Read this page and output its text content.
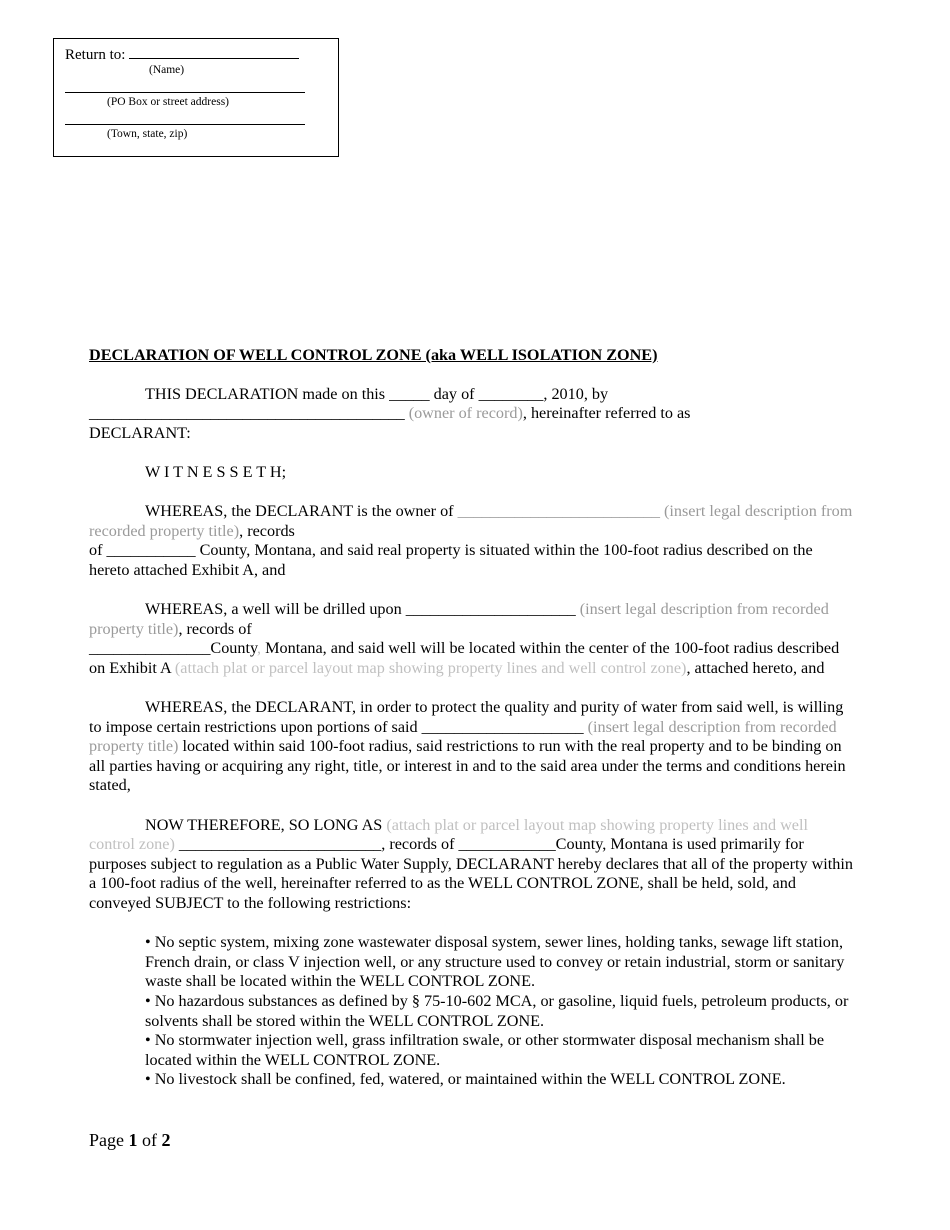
Return to:
(Name)
(PO Box or street address)
(Town, state, zip)
DECLARATION OF WELL CONTROL ZONE (aka WELL ISOLATION ZONE)

THIS DECLARATION made on this _____ day of ________, 2010, by
_______________________________________ (owner of record), hereinafter referred to as
DECLARANT:

W I T N E S S E T H;

WHEREAS, the DECLARANT is the owner of _________________________ (insert legal description from recorded property title), records
of ___________ County, Montana, and said real property is situated within the 100-foot radius described on the hereto attached Exhibit A, and

WHEREAS, a well will be drilled upon _____________________ (insert legal description from recorded property title), records of
_______________County, Montana, and said well will be located within the center of the 100-foot radius described on Exhibit A (attach plat or parcel layout map showing property lines and well control zone), attached hereto, and

WHEREAS, the DECLARANT, in order to protect the quality and purity of water from said well, is willing to impose certain restrictions upon portions of said ____________________ (insert legal description from recorded property title) located within said 100-foot radius, said restrictions to run with the real property and to be binding on all parties having or acquiring any right, title, or interest in and to the said area under the terms and conditions herein stated,

NOW THEREFORE, SO LONG AS (attach plat or parcel layout map showing property lines and well control zone) _________________________, records of ____________County, Montana is used primarily for purposes subject to regulation as a Public Water Supply, DECLARANT hereby declares that all of the property within a 100-foot radius of the well, hereinafter referred to as the WELL CONTROL ZONE, shall be held, sold, and conveyed SUBJECT to the following restrictions:

• No septic system, mixing zone wastewater disposal system, sewer lines, holding tanks, sewage lift station, French drain, or class V injection well, or any structure used to convey or retain industrial, storm or sanitary waste shall be located within the WELL CONTROL ZONE.
• No hazardous substances as defined by § 75-10-602 MCA, or gasoline, liquid fuels, petroleum products, or solvents shall be stored within the WELL CONTROL ZONE.
• No stormwater injection well, grass infiltration swale, or other stormwater disposal mechanism shall be located within the WELL CONTROL ZONE.
• No livestock shall be confined, fed, watered, or maintained within the WELL CONTROL ZONE.
Page 1 of 2
